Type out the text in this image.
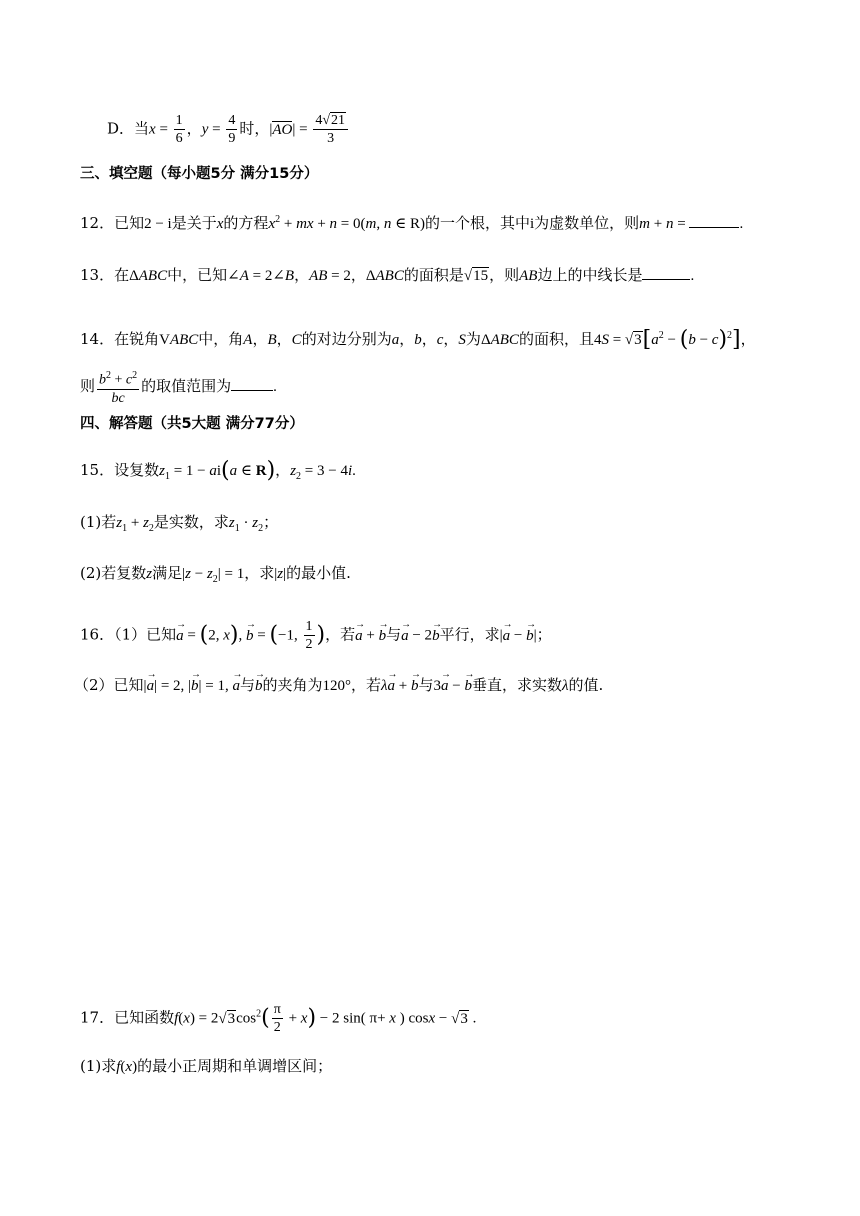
D．当$x = \frac{1}{6}$ ，$y = \frac{4}{9}$ 时，$|AO| = \frac{4√21}{3}$
三、填空题（每小题5分 满分15分）
12．已知2 − i是关于x的方程$x^2$ + mx + n = 0(m, n ∈ R)的一个根，其中i为虚数单位，则m + n =	.
13．在ΔABC中，已知∠A = 2∠B，AB = 2，ΔABC的面积是√15，则AB边上的中线长是	.
14．在锐角VABC中，角A，B，C的对边分别为a，b，c，S为ΔABC的面积，且$4S = √3[a^2 - (b - c)^2]$，
则 $\frac{b^2 + c^2}{bc}$ 的取值范围为	.
四、解答题（共5大题 满分77分）
15．设复数$z_1 = 1 - ai(a$ ∈ R)，$z_2 = 3 - 4i$.
(1)若$z_1 + z_2$是实数，求$z_1 \cdot z_2$；
(2)若复数z满足$|z - z_2| = 1$，求|z|的最小值.
16．（1）已知→ a = (2, x), → b = (−1, $\frac{1}{2}$ )，若→ a + → b与→ a − 2→ b平行，求|→ a − → b|；
（2）已知|→ a| = 2, |→ b| = 1, → a与→ b的夹角为120°，若λ→ a + → b与3→ a − → b垂直，求实数λ的值.
17．已知函数$f(x) = 2√3\cos^2( \frac{\pi}{2} + x) - 2$ sin( π+ x ) cosx − √3 .
(1)求f(x)的最小正周期和单调增区间；
